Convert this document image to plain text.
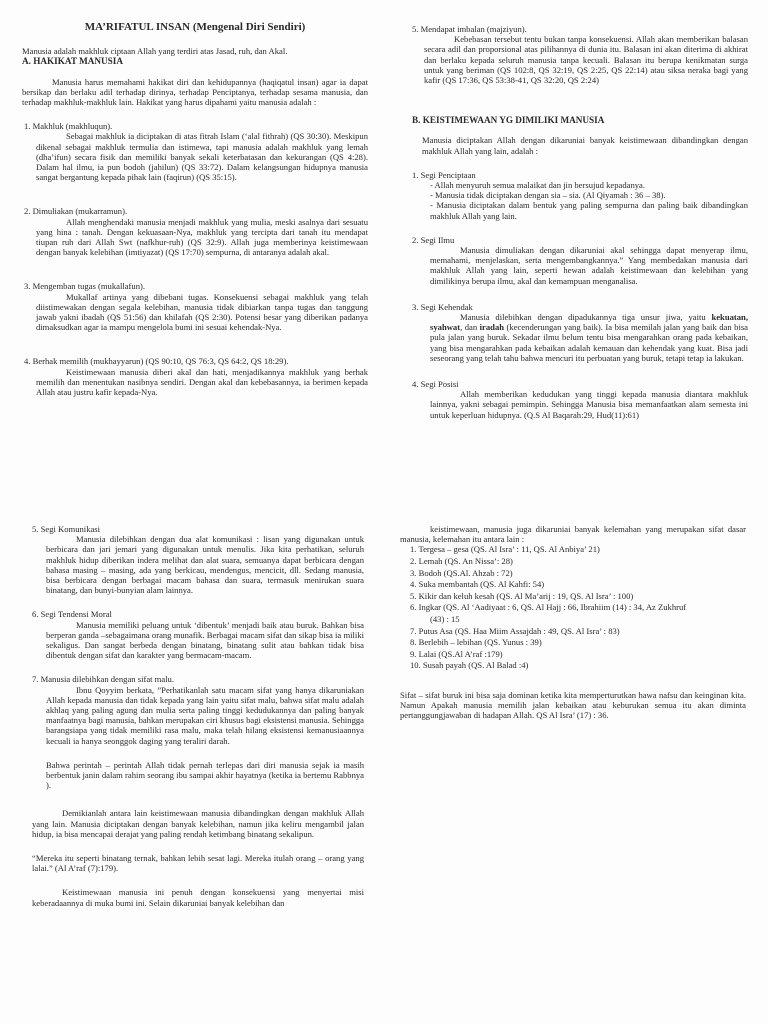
MA’RIFATUL INSAN (Mengenal Diri Sendiri)

Manusia adalah makhluk ciptaan Allah yang terdiri atas Jasad, ruh, dan Akal.

A. HAKIKAT MANUSIA

Manusia harus memahami hakikat diri dan kehidupannya (haqiqatul insan) agar ia dapat bersikap dan berlaku adil terhadap dirinya, terhadap Penciptanya, terhadap sesama manusia, dan terhadap makhluk-makhluk lain. Hakikat yang harus dipahami yaitu manusia adalah :

1. Makhluk (makhluqun).
Sebagai makhluk ia diciptakan di atas fitrah Islam (‘alal fithrah) (QS 30:30). Meskipun dikenal sebagai makhluk termulia dan istimewa, tapi manusia adalah makhluk yang lemah (dha’ifun) secara fisik dan memiliki banyak sekali keterbatasan dan kekurangan (QS 4:28). Dalam hal ilmu, ia pun bodoh (jahilun) (QS 33:72). Dalam kelangsungan hidupnya manusia sangat bergantung kepada pihak lain (faqirun) (QS 35:15).
2. Dimuliakan (mukarramun).
Allah menghendaki manusia menjadi makhluk yang mulia, meski asalnya dari sesuatu yang hina : tanah. Dengan kekuasaan-Nya, makhluk yang tercipta dari tanah itu mendapat tiupan ruh dari Allah Swt (nafkhur-ruh) (QS 32:9). Allah juga memberinya keistimewaan dengan banyak kelebihan (imtiyazat) (QS 17:70) sempurna, di antaranya adalah akal.
3. Mengemban tugas (mukallafun).
Mukallaf artinya yang dibebani tugas. Konsekuensi sebagai makhluk yang telah diistimewakan dengan segala kelebihan, manusia tidak dibiarkan tanpa tugas dan tanggung jawab yakni ibadah (QS 51:56) dan khilafah (QS 2:30). Potensi besar yang diberikan padanya dimaksudkan agar ia mampu mengelola bumi ini sesuai kehendak-Nya.
4. Berhak memilih (mukhayyarun) (QS 90:10, QS 76:3, QS 64:2, QS 18:29).
Keistimewaan manusia diberi akal dan hati, menjadikannya makhluk yang berhak memilih dan menentukan nasibnya sendiri. Dengan akal dan kebebasannya, ia berimen kepada Allah atau justru kafir kepada-Nya.
5. Mendapat imbalan (majziyun).
Kebebasan tersebut tentu bukan tanpa konsekuensi. Allah akan memberikan balasan secara adil dan proporsional atas pilihannya di dunia itu. Balasan ini akan diterima di akhirat dan berlaku kepada seluruh manusia tanpa kecuali. Balasan itu berupa kenikmatan surga untuk yang beriman (QS 102:8, QS 32:19, QS 2:25, QS 22:14) atau siksa neraka bagi yang kafir (QS 17:36, QS 53:38-41, QS 32:20, QS 2:24)
B. KEISTIMEWAAN YG DIMILIKI MANUSIA

Manusia diciptakan Allah dengan dikaruniai banyak keistimewaan dibandingkan dengan makhluk Allah yang lain, adalah :

1. Segi Penciptaan
- Allah menyuruh semua malaikat dan jin bersujud kepadanya.
- Manusia tidak diciptakan dengan sia – sia. (Al Qiyamah : 36 – 38).
- Manusia diciptakan dalam bentuk yang paling sempurna dan paling baik dibandingkan makhluk Allah yang lain.
2. Segi Ilmu
Manusia dimuliakan dengan dikaruniai akal sehingga dapat menyerap ilmu, memahami, menjelaskan, serta mengembangkannya.” Yang membedakan manusia dari makhluk Allah yang lain, seperti hewan adalah keistimewaan dan kelebihan yang dimilikinya berupa ilmu, akal dan kemampuan menganalisa.
3. Segi Kehendak
Manusia dilebihkan dengan dipadukannya tiga unsur jiwa, yaitu kekuatan, syahwat, dan iradah (kecenderungan yang baik). Ia bisa memilah jalan yang baik dan bisa pula jalan yang buruk. Sekadar ilmu belum tentu bisa mengarahkan orang pada kebaikan, yang bisa mengarahkan pada kebaikan adalah kemauan dan kehendak yang kuat. Bisa jadi seseorang yang telah tahu bahwa mencuri itu perbuatan yang buruk, tetapi tetap ia lakukan.
4. Segi Posisi
Allah memberikan kedudukan yang tinggi kepada manusia diantara makhluk lainnya, yakni sebagai pemimpin. Sehingga Manusia bisa memanfaatkan alam semesta ini untuk keperluan hidupnya. (Q.S Al Baqarah:29, Hud(11):61)
5. Segi Komunikasi
Manusia dilebihkan dengan dua alat komunikasi : lisan yang digunakan untuk berbicara dan jari jemari yang digunakan untuk menulis. Jika kita perhatikan, seluruh makhluk hidup diberikan indera melihat dan alat suara, semuanya dapat berbicara dengan bahasa masing – masing, ada yang berkicau, mendengus, mencicit, dll. Sedang manusia, bisa berbicara dengan berbagai macam bahasa dan suara, termasuk menirukan suara binatang, dan bunyi-bunyian alam lainnya.
6. Segi Tendensi Moral
Manusia memiliki peluang untuk ‘dibentuk’ menjadi baik atau buruk. Bahkan bisa berperan ganda –sebagaimana orang munafik. Berbagai macam sifat dan sikap bisa ia miliki sekaligus. Dan sangat berbeda dengan binatang, binatang sulit atau bahkan tidak bisa dibentuk dengan sifat dan karakter yang bermacam-macam.
7. Manusia dilebihkan dengan sifat malu.
Ibnu Qoyyim berkata, ”Perhatikanlah satu macam sifat yang hanya dikaruniakan Allah kepada manusia dan tidak kepada yang lain yaitu sifat malu, bahwa sifat malu adalah akhlaq yang paling agung dan mulia serta paling tinggi kedudukannya dan paling banyak manfaatnya bagi manusia, bahkan merupakan ciri khusus bagi eksistensi manusia. Sehingga barangsiapa yang tidak memiliki rasa malu, maka telah hilang eksistensi kemanusiaannya kecuali ia hanya seonggok daging yang teraliri darah.

Bahwa perintah – perintah Allah tidak pernah terlepas dari diri manusia sejak ia masih berbentuk janin dalam rahim seorang ibu sampai akhir hayatnya (ketika ia bertemu Rabbnya ).

Demikianlah antara lain keistimewaan manusia dibandingkan dengan makhluk Allah yang lain. Manusia diciptakan dengan banyak kelebihan, namun jika keliru mengambil jalan hidup, ia bisa mencapai derajat yang paling rendah ketimbang binatang sekalipun.

“Mereka itu seperti binatang ternak, bahkan lebih sesat lagi. Mereka itulah orang – orang yang lalai.” (Al A’raf (7):179).

Keistimewaan manusia ini penuh dengan konsekuensi yang menyertai misi keberadaannya di muka bumi ini. Selain dikaruniai banyak kelebihan dan

keistimewaan, manusia juga dikaruniai banyak kelemahan yang merupakan sifat dasar manusia, kelemahan itu antara lain :

1. Tergesa – gesa (QS. Al Isra’ : 11, QS. Al Anbiya’ 21)
2. Lemah (QS. An Nissa’: 28)
3. Bodoh (QS.Al. Ahzab : 72)
4. Suka membantah (QS. Al Kahfi: 54)
5. Kikir dan keluh kesah (QS. Al Ma’arij : 19, QS. Al Isra’ : 100)
6. Ingkar (QS. Al ‘Aadiyaat : 6, QS. Al Hajj : 66, Ibrahiim (14) : 34, Az Zukhruf
(43) : 15
7. Putus Asa (QS. Haa Miim Assajdah : 49, QS. Al Isra’ : 83)
8. Berlebih – lebihan (QS. Yunus : 39)
9. Lalai (QS.Al A’raf :179)
10. Susah payah (QS. Al Balad :4)

Sifat – sifat buruk ini bisa saja dominan ketika kita memperturutkan hawa nafsu dan keinginan kita. Namun Apakah manusia memilih jalan kebaikan atau keburukan semua itu akan diminta pertanggungjawaban di hadapan Allah. QS Al Isra’ (17) : 36.
